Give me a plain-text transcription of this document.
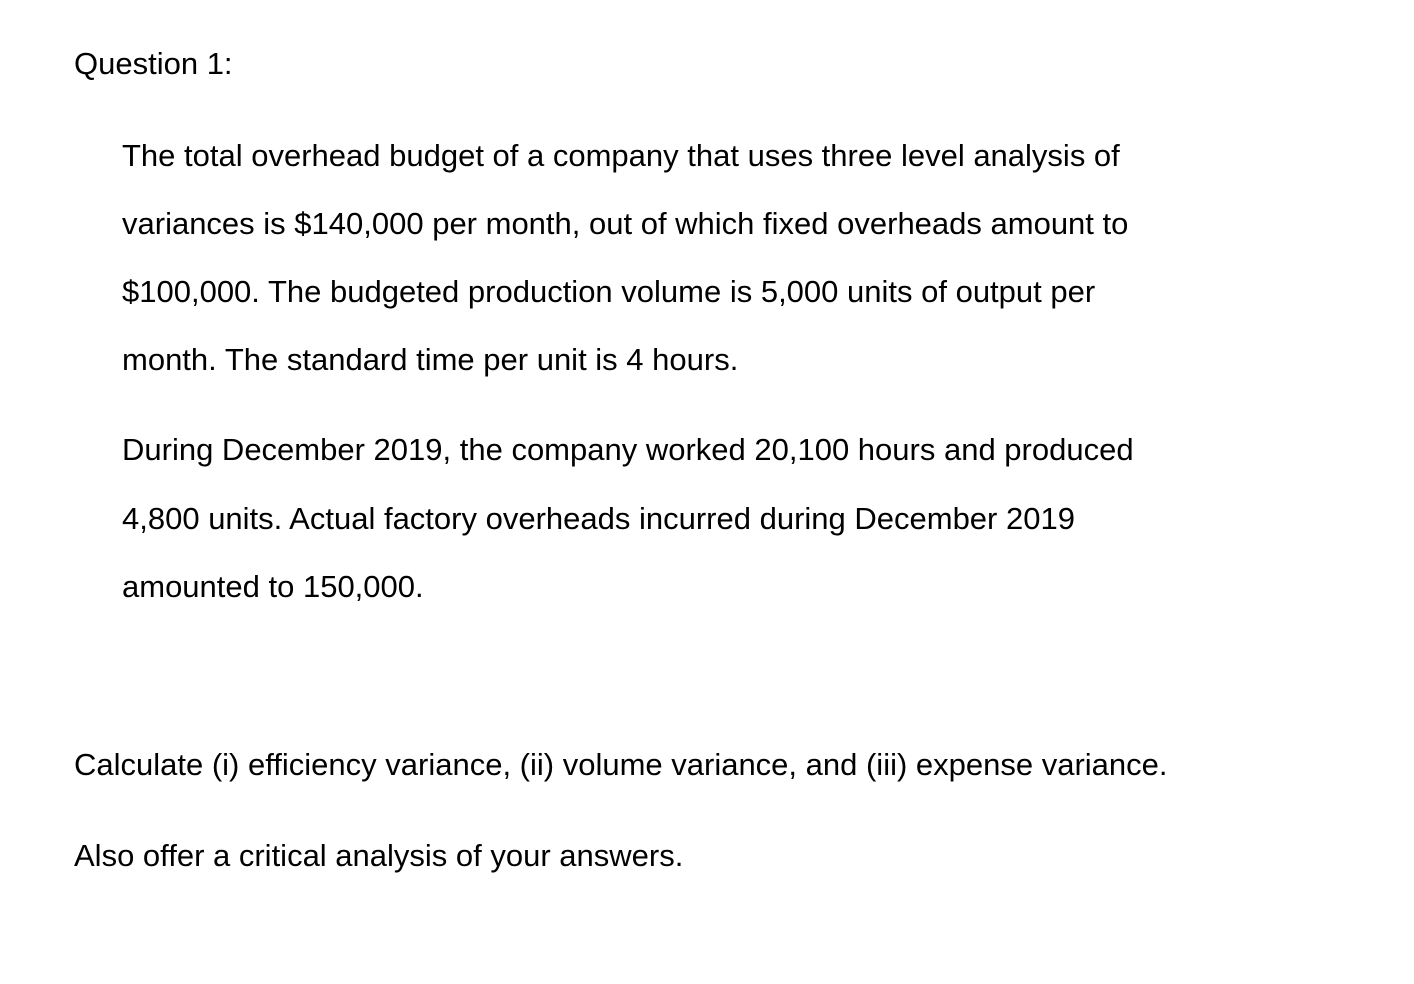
Question 1:
The total overhead budget of a company that uses three level analysis of
variances is $140,000 per month, out of which fixed overheads amount to
$100,000. The budgeted production volume is 5,000 units of output per
month. The standard time per unit is 4 hours.
During December 2019, the company worked 20,100 hours and produced
4,800 units. Actual factory overheads incurred during December 2019
amounted to 150,000.
Calculate (i) efficiency variance, (ii) volume variance, and (iii) expense variance.
Also offer a critical analysis of your answers.
